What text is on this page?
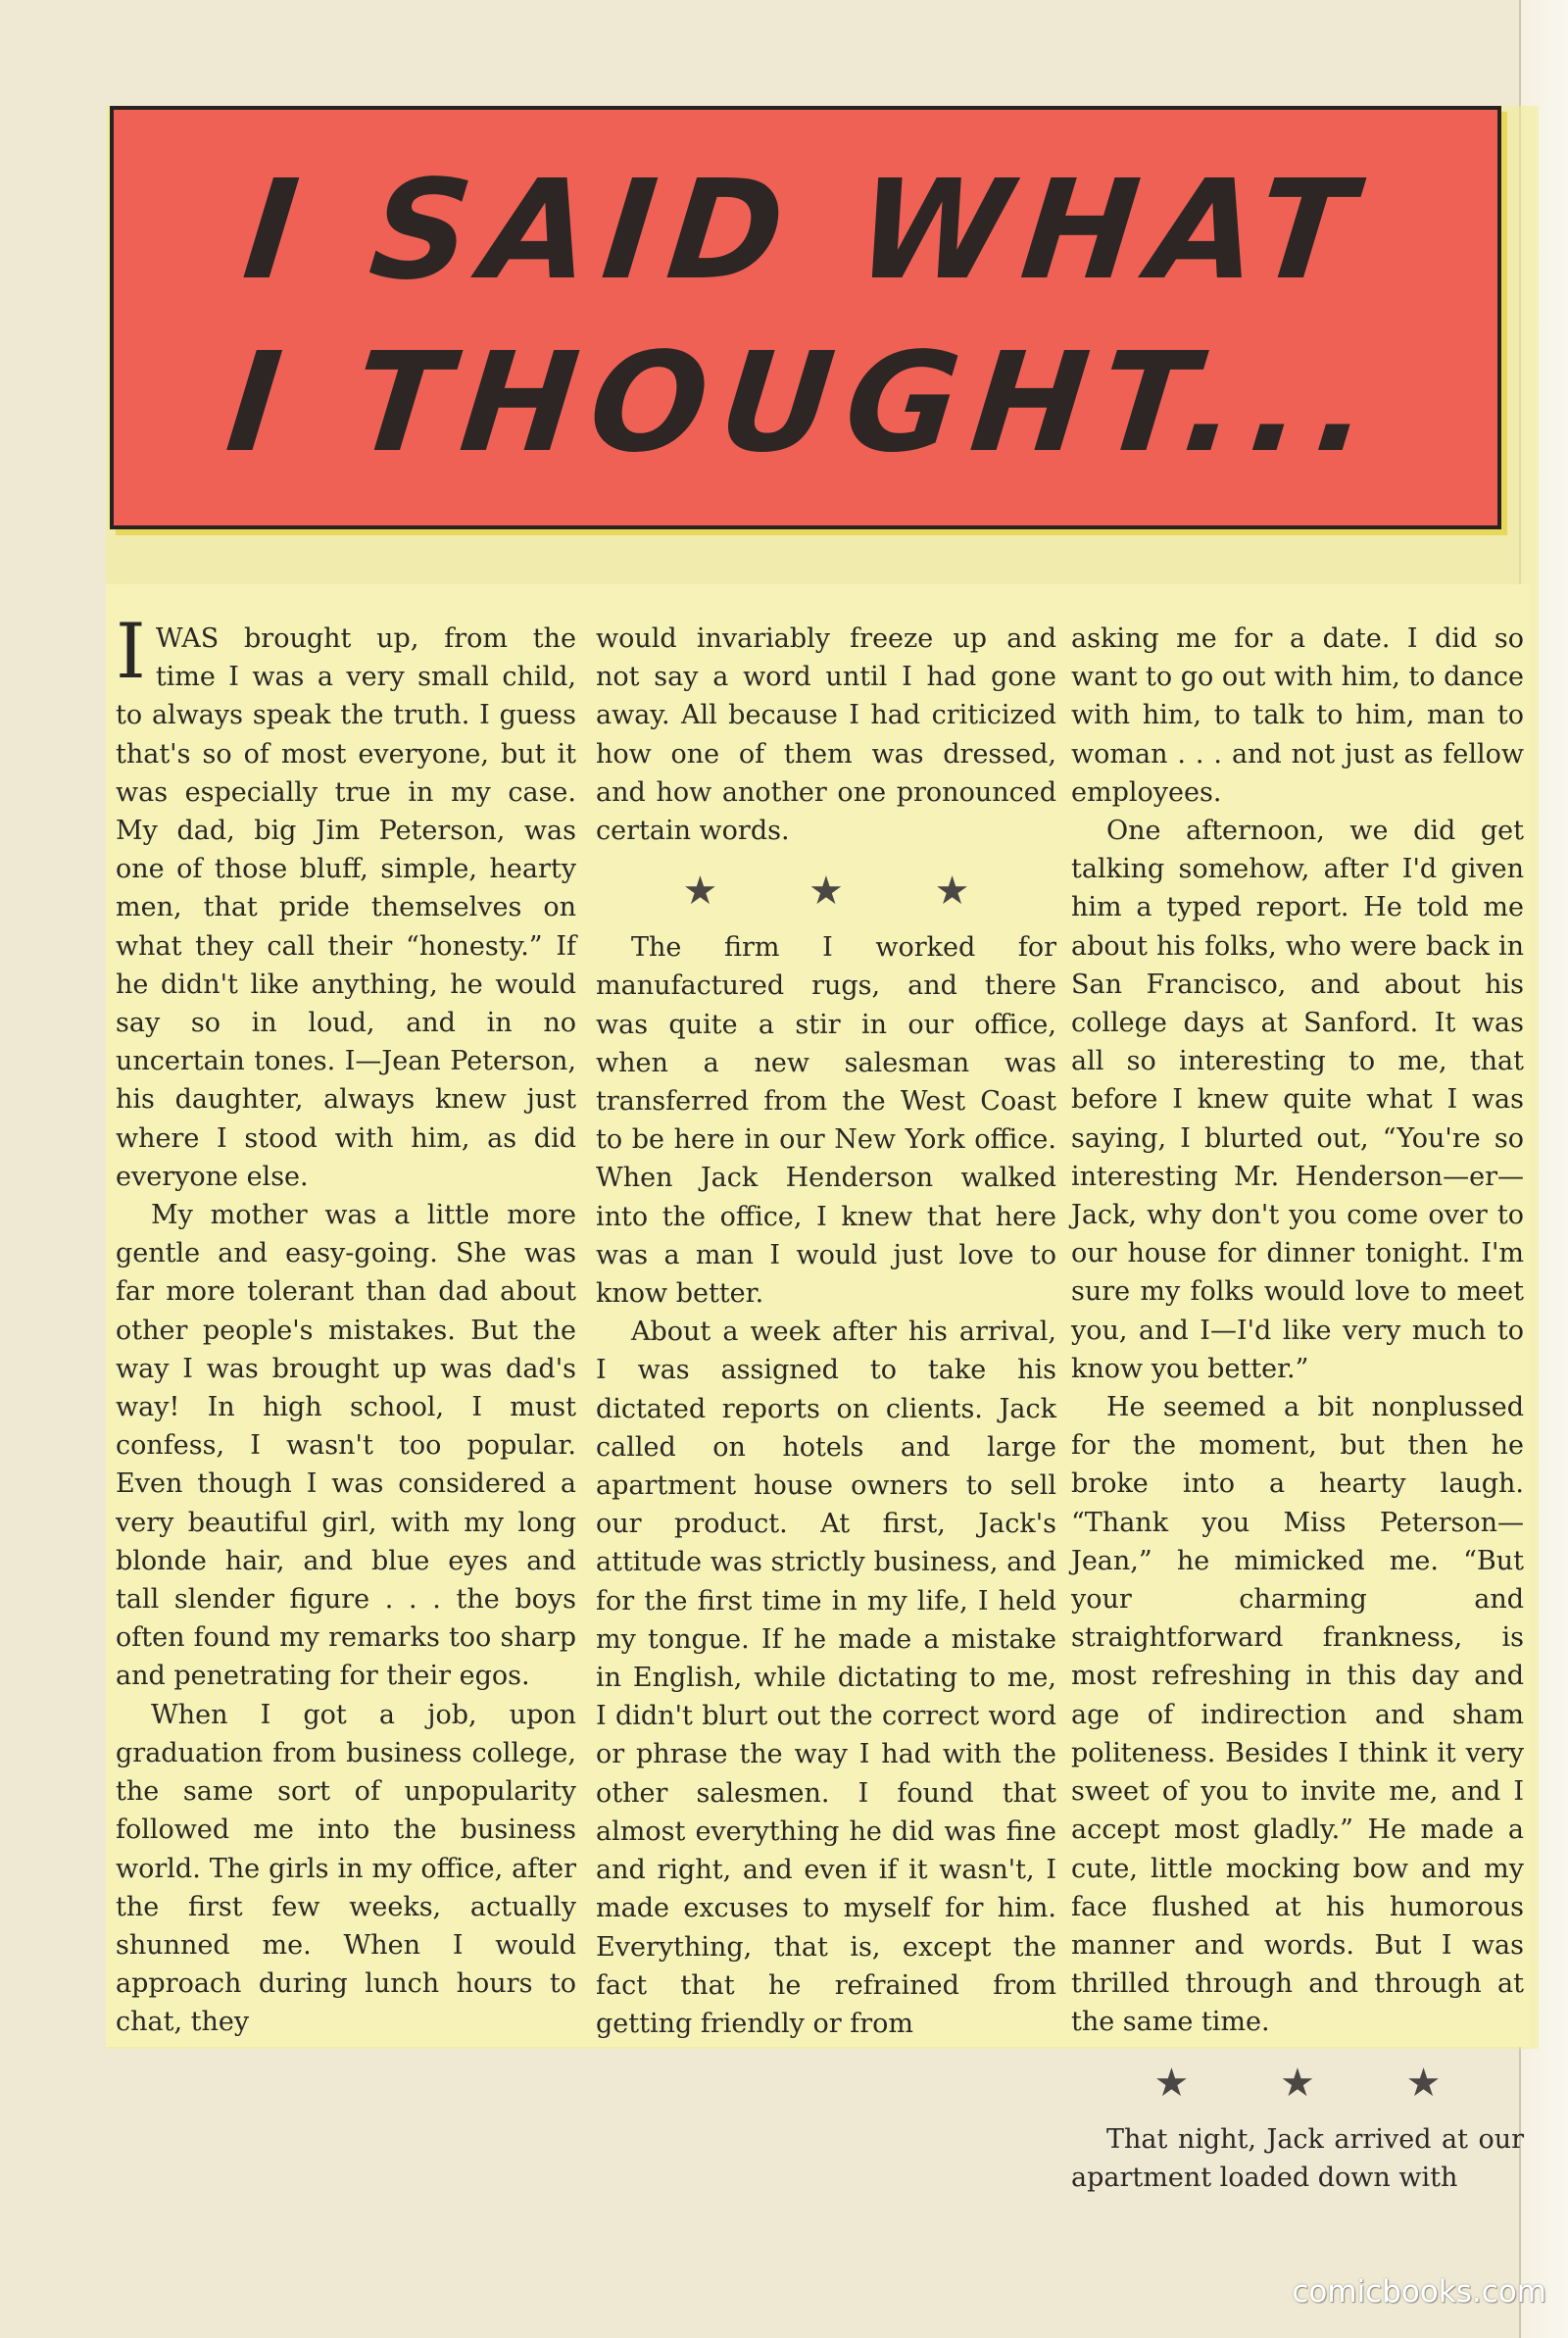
I SAID WHAT
I THOUGHT...

IWAS brought up, from the time I was a very small child, to always speak the truth. I guess that's so of most everyone, but it was especially true in my case. My dad, big Jim Peterson, was one of those bluff, simple, hearty men, that pride themselves on what they call their “honesty.” If he didn't like anything, he would say so in loud, and in no uncertain tones. I—Jean Peterson, his daughter, always knew just where I stood with him, as did everyone else.

My mother was a little more gentle and easy-going. She was far more tolerant than dad about other people's mistakes. But the way I was brought up was dad's way! In high school, I must confess, I wasn't too popular. Even though I was considered a very beautiful girl, with my long blonde hair, and blue eyes and tall slender figure . . . the boys often found my remarks too sharp and penetrating for their egos.

When I got a job, upon graduation from business college, the same sort of unpopularity followed me into the business world. The girls in my office, after the first few weeks, actually shunned me. When I would approach during lunch hours to chat, they

would invariably freeze up and not say a word until I had gone away. All because I had criticized how one of them was dressed, and how another one pronounced certain words.

★ ★ ★

The firm I worked for manufactured rugs, and there was quite a stir in our office, when a new salesman was transferred from the West Coast to be here in our New York office. When Jack Henderson walked into the office, I knew that here was a man I would just love to know better.

About a week after his arrival, I was assigned to take his dictated reports on clients. Jack called on hotels and large apartment house owners to sell our product. At first, Jack's attitude was strictly business, and for the first time in my life, I held my tongue. If he made a mistake in English, while dictating to me, I didn't blurt out the correct word or phrase the way I had with the other salesmen. I found that almost everything he did was fine and right, and even if it wasn't, I made excuses to myself for him. Everything, that is, except the fact that he refrained from getting friendly or from

asking me for a date. I did so want to go out with him, to dance with him, to talk to him, man to woman . . . and not just as fellow employees.

One afternoon, we did get talking somehow, after I'd given him a typed report. He told me about his folks, who were back in San Francisco, and about his college days at Sanford. It was all so interesting to me, that before I knew quite what I was saying, I blurted out, “You're so interesting Mr. Henderson—er—Jack, why don't you come over to our house for dinner tonight. I'm sure my folks would love to meet you, and I—I'd like very much to know you better.”

He seemed a bit nonplussed for the moment, but then he broke into a hearty laugh. “Thank you Miss Peterson—Jean,” he mimicked me. “But your charming and straightforward frankness, is most refreshing in this day and age of indirection and sham politeness. Besides I think it very sweet of you to invite me, and I accept most gladly.” He made a cute, little mocking bow and my face flushed at his humorous manner and words. But I was thrilled through and through at the same time.

★ ★ ★

That night, Jack arrived at our apartment loaded down with

comicbooks.com
